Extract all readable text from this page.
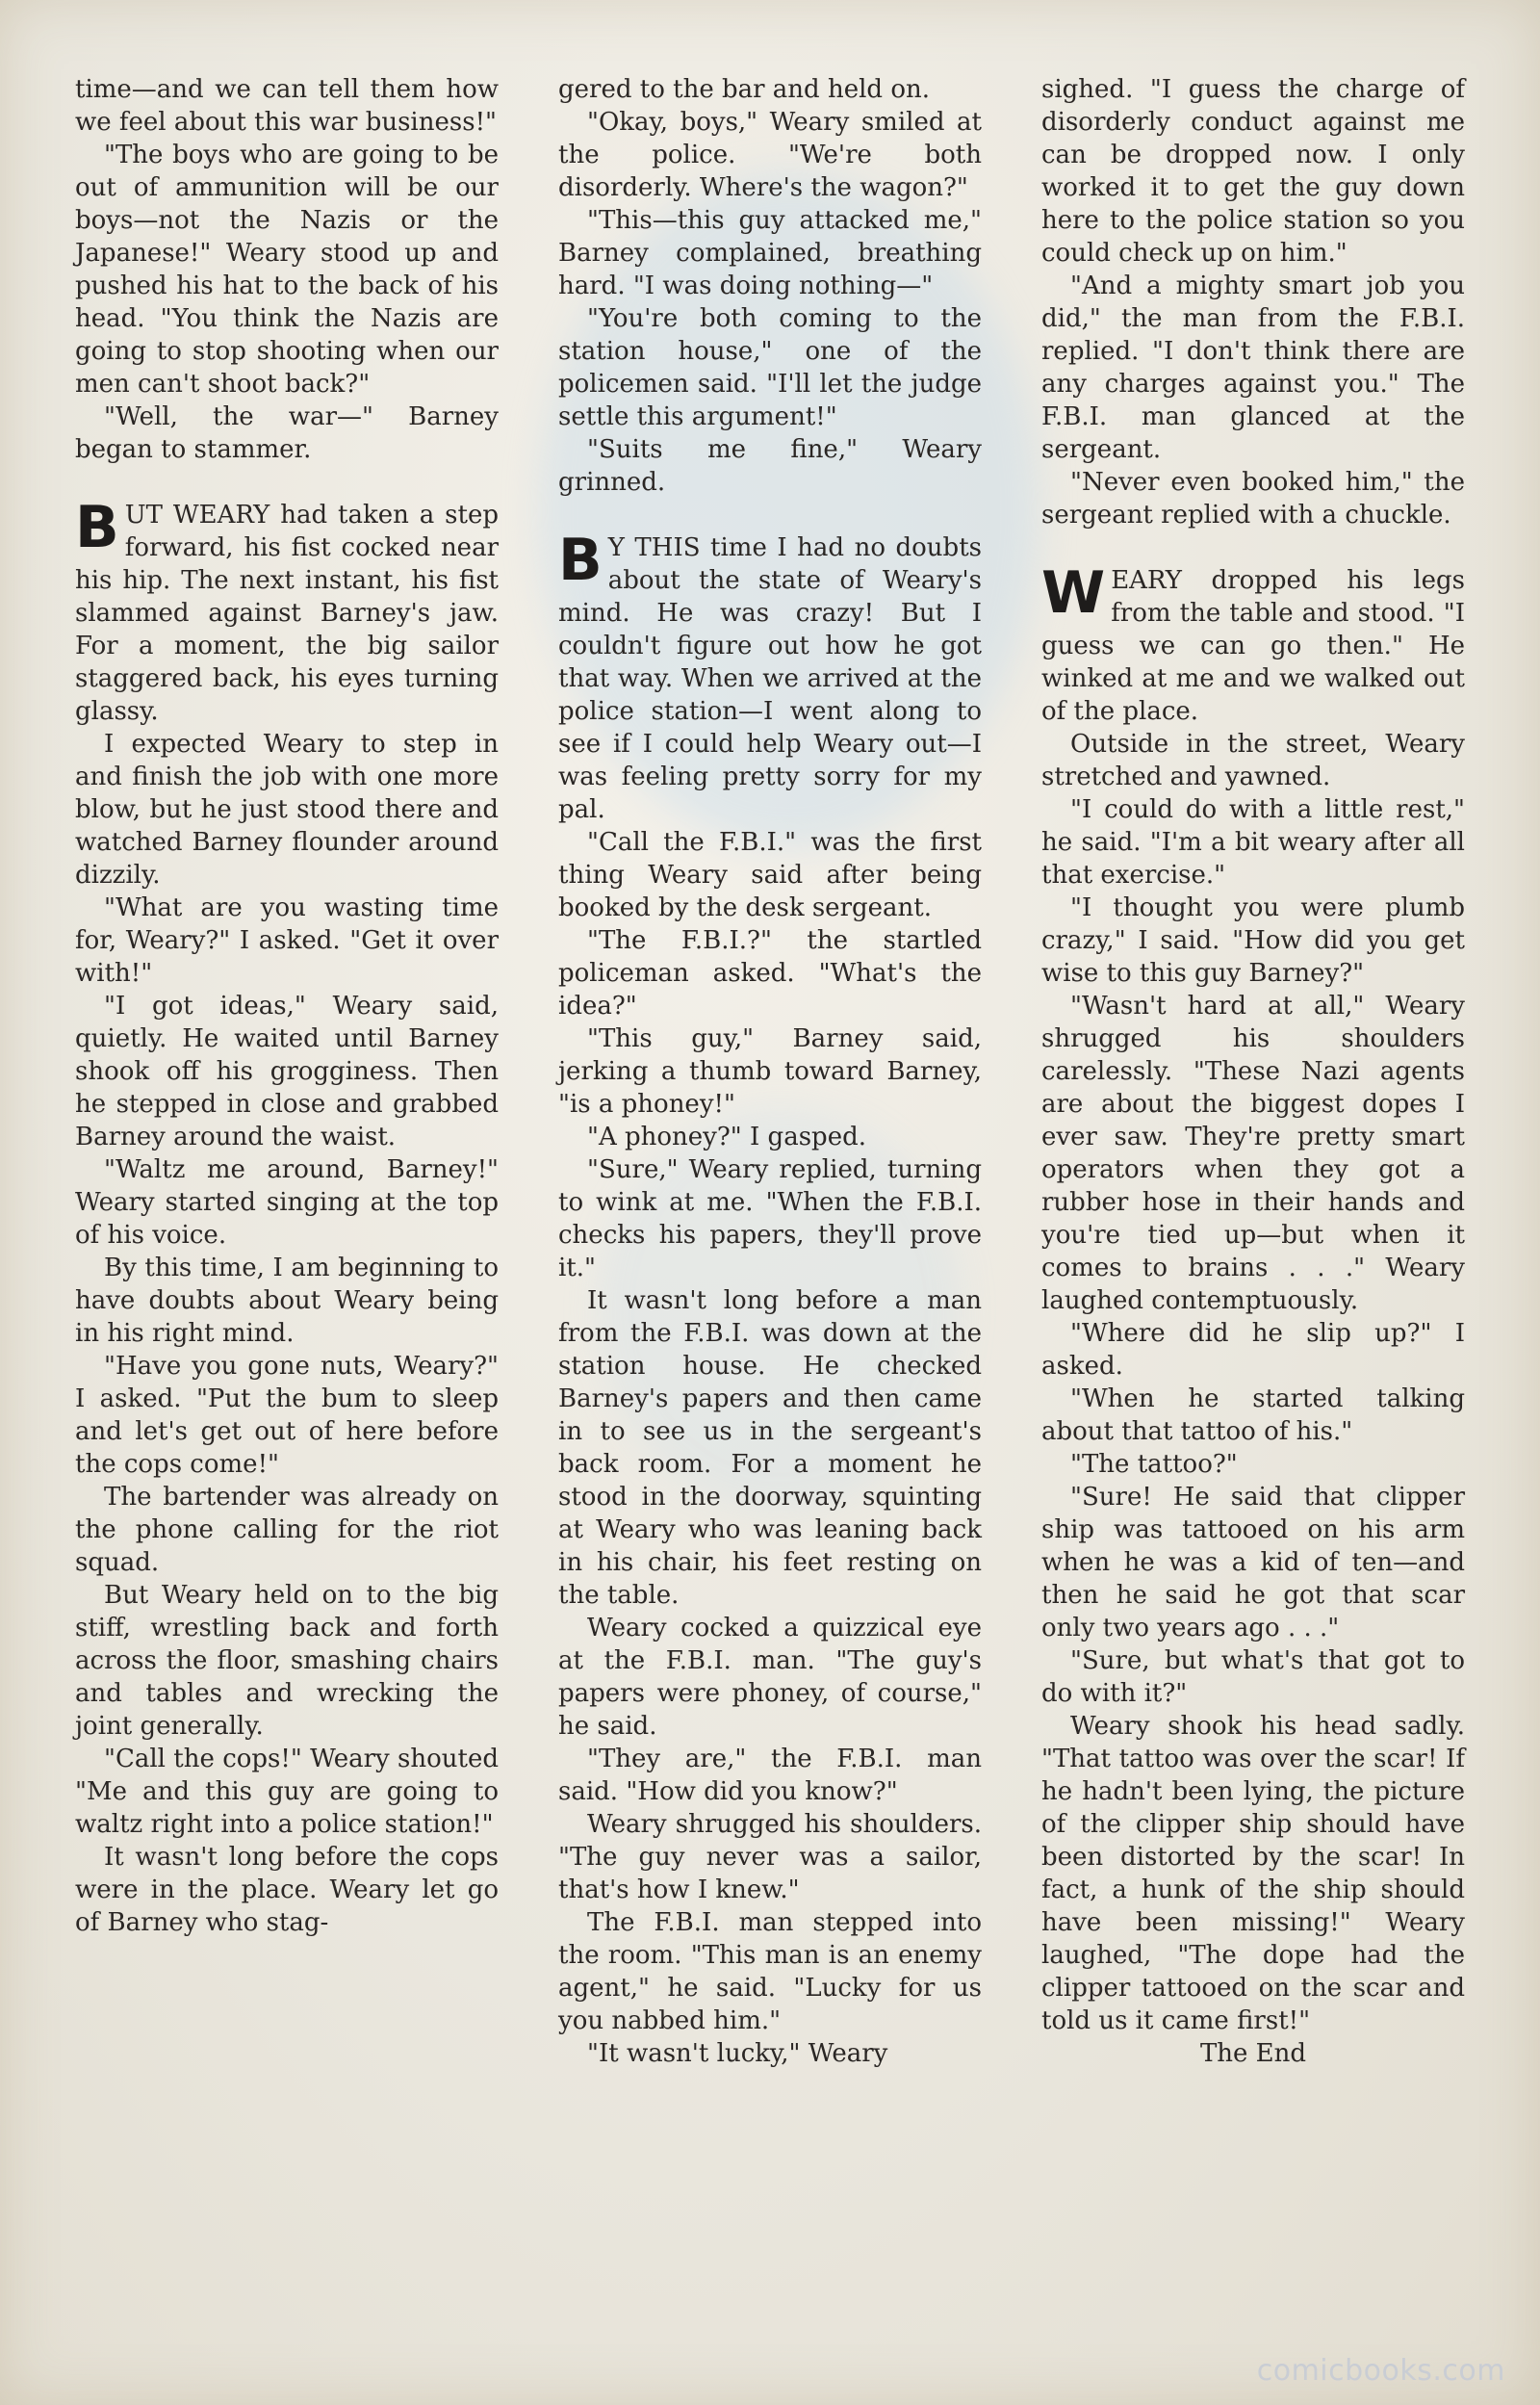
time—and we can tell them how we feel about this war business!"

"The boys who are going to be out of ammunition will be our boys—not the Nazis or the Japanese!" Weary stood up and pushed his hat to the back of his head. "You think the Nazis are going to stop shooting when our men can't shoot back?"

"Well, the war—" Barney began to stammer.

BUT WEARY had taken a step forward, his fist cocked near his hip. The next instant, his fist slammed against Barney's jaw. For a moment, the big sailor staggered back, his eyes turning glassy.

I expected Weary to step in and finish the job with one more blow, but he just stood there and watched Barney flounder around dizzily.

"What are you wasting time for, Weary?" I asked. "Get it over with!"

"I got ideas," Weary said, quietly. He waited until Barney shook off his grogginess. Then he stepped in close and grabbed Barney around the waist.

"Waltz me around, Barney!" Weary started singing at the top of his voice.

By this time, I am beginning to have doubts about Weary being in his right mind.

"Have you gone nuts, Weary?" I asked. "Put the bum to sleep and let's get out of here before the cops come!"

The bartender was already on the phone calling for the riot squad.

But Weary held on to the big stiff, wrestling back and forth across the floor, smashing chairs and tables and wrecking the joint generally.

"Call the cops!" Weary shouted "Me and this guy are going to waltz right into a police station!"

It wasn't long before the cops were in the place. Weary let go of Barney who stag-

gered to the bar and held on.

"Okay, boys," Weary smiled at the police. "We're both disorderly. Where's the wagon?"

"This—this guy attacked me," Barney complained, breathing hard. "I was doing nothing—"

"You're both coming to the station house," one of the policemen said. "I'll let the judge settle this argument!"

"Suits me fine," Weary grinned.

B Y THIS time I had no doubts about the state of Weary's mind. He was crazy! But I couldn't figure out how he got that way. When we arrived at the police station—I went along to see if I could help Weary out—I was feeling pretty sorry for my pal.

"Call the F.B.I." was the first thing Weary said after being booked by the desk sergeant.

"The F.B.I.?" the startled policeman asked. "What's the idea?"

"This guy," Barney said, jerking a thumb toward Barney, "is a phoney!"

"A phoney?" I gasped.

"Sure," Weary replied, turning to wink at me. "When the F.B.I. checks his papers, they'll prove it."

It wasn't long before a man from the F.B.I. was down at the station house. He checked Barney's papers and then came in to see us in the sergeant's back room. For a moment he stood in the doorway, squinting at Weary who was leaning back in his chair, his feet resting on the table.

Weary cocked a quizzical eye at the F.B.I. man. "The guy's papers were phoney, of course," he said.

"They are," the F.B.I. man said. "How did you know?"

Weary shrugged his shoulders. "The guy never was a sailor, that's how I knew."

The F.B.I. man stepped into the room. "This man is an enemy agent," he said. "Lucky for us you nabbed him."

"It wasn't lucky," Weary

sighed. "I guess the charge of disorderly conduct against me can be dropped now. I only worked it to get the guy down here to the police station so you could check up on him."

"And a mighty smart job you did," the man from the F.B.I. replied. "I don't think there are any charges against you." The F.B.I. man glanced at the sergeant.

"Never even booked him," the sergeant replied with a chuckle.

WEARY dropped his legs from the table and stood. "I guess we can go then." He winked at me and we walked out of the place.

Outside in the street, Weary stretched and yawned.

"I could do with a little rest," he said. "I'm a bit weary after all that exercise."

"I thought you were plumb crazy," I said. "How did you get wise to this guy Barney?"

"Wasn't hard at all," Weary shrugged his shoulders carelessly. "These Nazi agents are about the biggest dopes I ever saw. They're pretty smart operators when they got a rubber hose in their hands and you're tied up—but when it comes to brains . . ." Weary laughed contemptuously.

"Where did he slip up?" I asked.

"When he started talking about that tattoo of his."

"The tattoo?"

"Sure! He said that clipper ship was tattooed on his arm when he was a kid of ten—and then he said he got that scar only two years ago . . ."

"Sure, but what's that got to do with it?"

Weary shook his head sadly. "That tattoo was over the scar! If he hadn't been lying, the picture of the clipper ship should have been distorted by the scar! In fact, a hunk of the ship should have been missing!" Weary laughed, "The dope had the clipper tattooed on the scar and told us it came first!"

The End

comicbooks.com
